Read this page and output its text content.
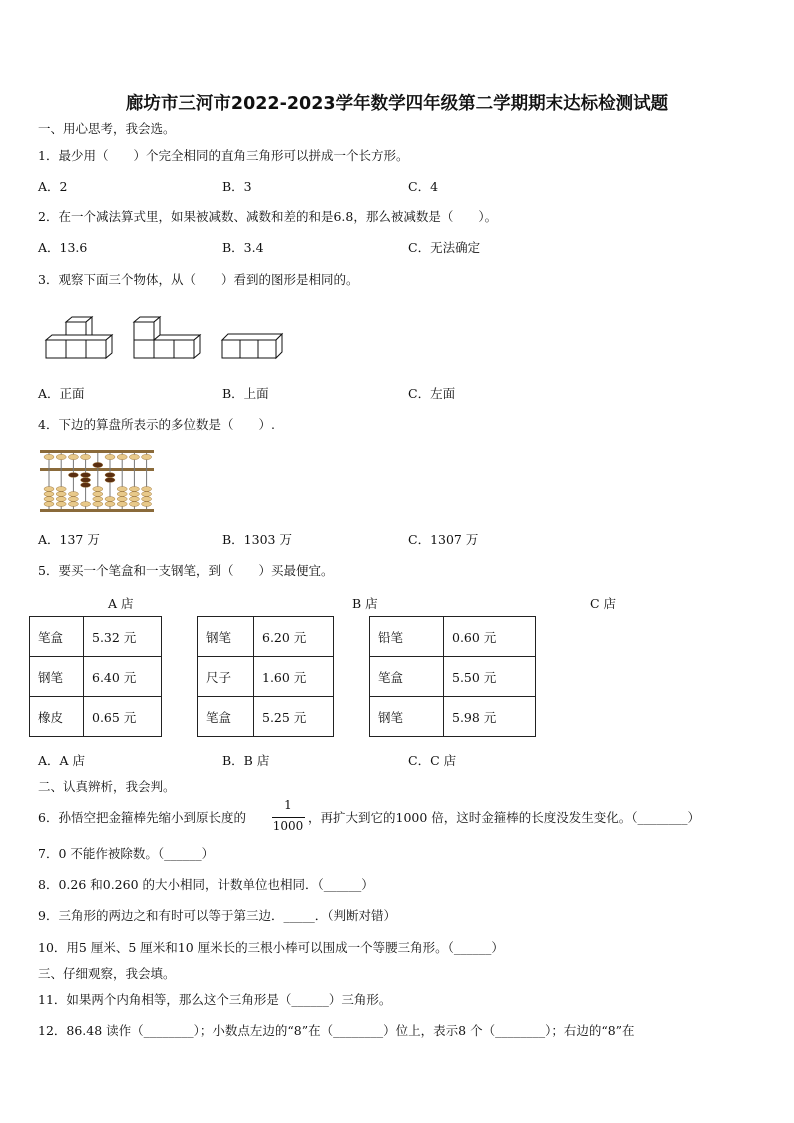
廊坊市三河市2022-2023学年数学四年级第二学期期末达标检测试题
一、用心思考，我会选。
1．最少用（　　）个完全相同的直角三角形可以拼成一个长方形。
A．2	B．3	C．4
2．在一个减法算式里，如果被减数、减数和差的和是6.8，那么被减数是（　　）。
A．13.6	B．3.4	C．无法确定
3．观察下面三个物体，从（　　）看到的图形是相同的。
A．正面	B．上面	C．左面
4．下边的算盘所表示的多位数是（　　）.
A．137 万	B．1303 万	C．1307 万
5．要买一个笔盒和一支钢笔，到（　　）买最便宜。
A 店	B 店	C 店
笔盒	5.32 元
钢笔	6.40 元
橡皮	0.65 元
钢笔	6.20 元
尺子	1.60 元
笔盒	5.25 元
铅笔	0.60 元
笔盒	5.50 元
钢笔	5.98 元
A．A 店	B．B 店	C．C 店
二、认真辨析，我会判。
6．孙悟空把金箍棒先缩小到原长度的
1
1000
，再扩大到它的1000 倍，这时金箍棒的长度没发生变化。（________）
7．0 不能作被除数。（______）
8．0.26 和0.260 的大小相同，计数单位也相同．（______）
9．三角形的两边之和有时可以等于第三边．_____．（判断对错）
10．用5 厘米、5 厘米和10 厘米长的三根小棒可以围成一个等腰三角形。（______）
三、仔细观察，我会填。
11．如果两个内角相等，那么这个三角形是（______）三角形。
12．86.48 读作（________）；小数点左边的“8”在（________）位上，表示8 个（________）；右边的“8”在
